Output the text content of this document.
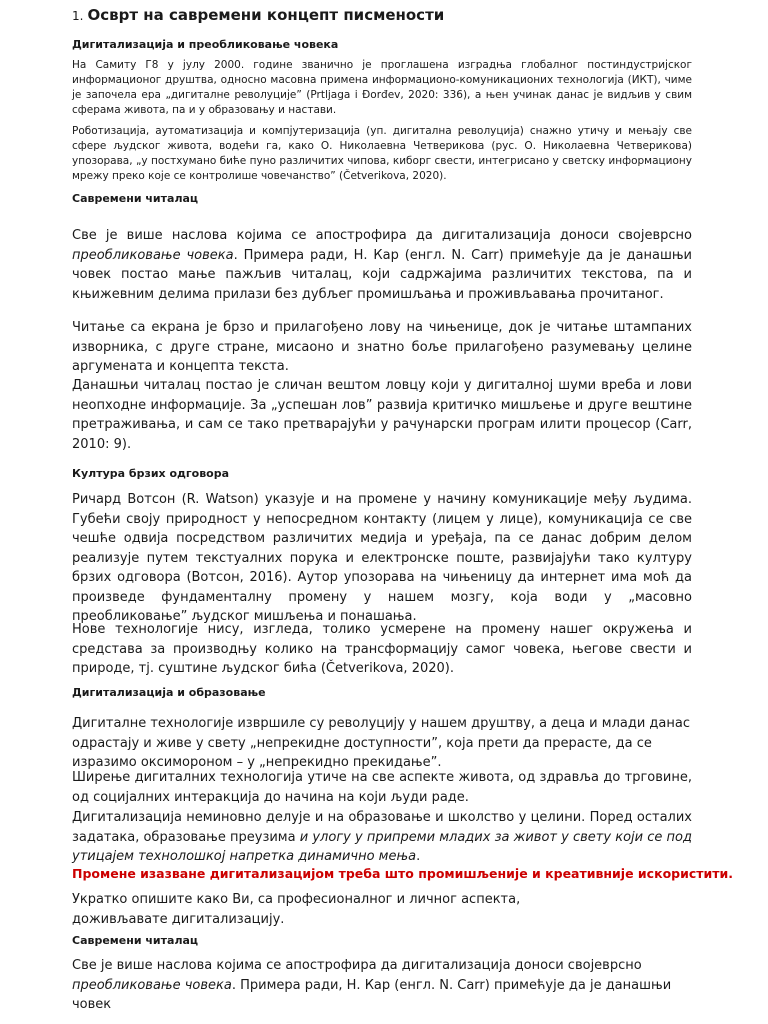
1. Осврт на савремени концепт писмености
Дигитализација и преобликовање човека
На Самиту Г8 у јулу 2000. године званично је проглашена изградња глобалног постиндустријског информационог друштва, односно масовна примена информационо-комуникационих технологија (ИКТ), чиме је започела ера „дигиталне револуције” (Prtljaga i Đorđev, 2020: 336), а њен учинак данас је видљив у свим сферама живота, па и у образовању и настави.
Роботизација, аутоматизација и компјутеризација (уп. дигитална револуција) снажно утичу и мењају све сфере људског живота, водећи га, како О. Николаевна Четверикова (рус. О. Николаевна Четверикова) упозорава, „у постхумано биће пуно различитих чипова, киборг свести, интегрисано у светску информациону мрежу преко које се контролише човечанство” (Četverikova, 2020).
Савремени читалац
Све је више наслова којима се апострофира да дигитализација доноси својеврсно преобликовање човека. Примера ради, Н. Кар (енгл. N. Carr) примећује да је данашњи човек постао мање пажљив читалац, који садржајима различитих текстова, па и књижевним делима прилази без дубљег промишљања и проживљавања прочитаног.
Читање са екрана је брзо и прилагођено лову на чињенице, док је читање штампаних изворника, с друге стране, мисаоно и знатно боље прилагођено разумевању целине аргумената и концепта текста.
Данашњи читалац постао је сличан вештом ловцу који у дигиталној шуми вреба и лови неопходне информације. За „успешан лов” развија критичко мишљење и друге вештине претраживања, и сам се тако претварајући у рачунарски програм илити процесор (Carr, 2010: 9).
Култура брзих одговора
Ричард Вотсон (R. Watson) указује и на промене у начину комуникације међу људима. Губећи своју природност у непосредном контакту (лицем у лице), комуникација се све чешће одвија посредством различитих медија и уређаја, па се данас добрим делом реализује путем текстуалних порука и електронске поште, развијајући тако културу брзих одговора (Вотсон, 2016). Аутор упозорава на чињеницу да интернет има моћ да произведе фундаменталну промену у нашем мозгу, која води у „масовно преобликовање” људског мишљења и понашања.
Нове технологије нису, изгледа, толико усмерене на промену нашег окружења и средстава за производњу колико на трансформацију самог човека, његове свести и природе, тј. суштине људског бића (Četverikova, 2020).
Дигитализација и образовање
Дигиталне технологије извршиле су револуцију у нашем друштву, а деца и млади данас одрастају и живе у свету „непрекидне доступности”, која прети да прерасте, да се изразимо оксимороном – у „непрекидно прекидање”.
Ширење дигиталних технологија утиче на све аспекте живота, од здравља до трговине, од социјалних интеракција до начина на који људи раде.
Дигитализација неминовно делује и на образовање и школство у целини. Поред осталих задатака, образовање преузима и улогу у припреми младих за живот у свету који се под утицајем технолошкој напретка динамично мења.
Промене изазване дигитализацијом треба што промишљеније и креативније искористити.
Укратко опишите како Ви, са професионалног и личног аспекта, доживљавате дигитализацију.
Савремени читалац
Све је више наслова којима се апострофира да дигитализација доноси својеврсно преобликовање човека. Примера ради, Н. Кар (енгл. N. Carr) примећује да је данашњи човек
